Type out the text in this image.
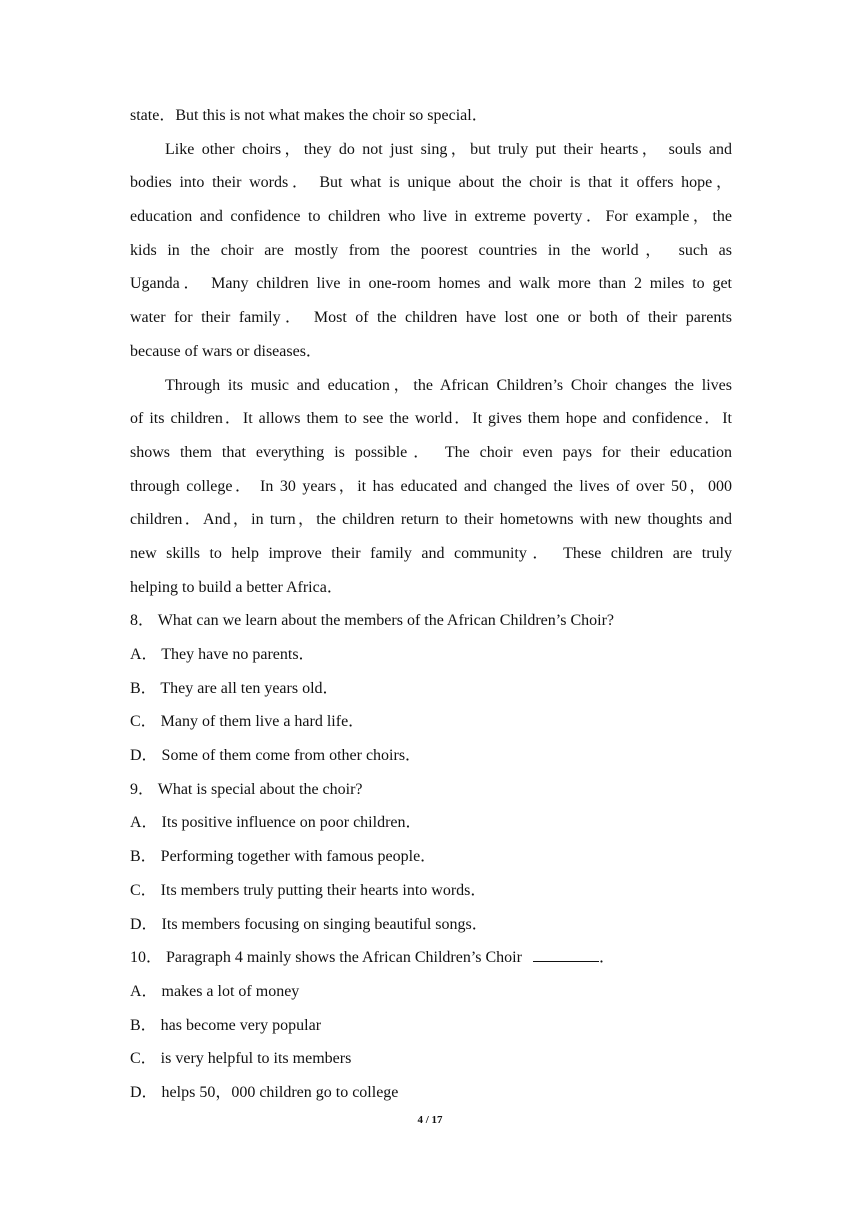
state．But this is not what makes the choir so special．
Like other choirs，they do not just sing，but truly put their hearts， souls and
bodies into their words． But what is unique about the choir is that it offers hope，
education and confidence to children who live in extreme poverty．For example，the
kids in the choir are mostly from the poorest countries in the world， such as
Uganda． Many children live in one-room homes and walk more than 2 miles to get
water for their family． Most of the children have lost one or both of their parents
because of wars or diseases．
Through its music and education，the African Children’s Choir changes the lives
of its children．It allows them to see the world．It gives them hope and confidence．It
shows them that everything is possible． The choir even pays for their education
through college． In 30 years，it has educated and changed the lives of over 50，000
children．And，in turn，the children return to their hometowns with new thoughts and
new skills to help improve their family and community． These children are truly
helping to build a better Africa．
8． What can we learn about the members of the African Children’s Choir?
A． They have no parents．
B． They are all ten years old．
C． Many of them live a hard life．
D． Some of them come from other choirs．
9． What is special about the choir?
A． Its positive influence on poor children．
B． Performing together with famous people．
C． Its members truly putting their hearts into words．
D． Its members focusing on singing beautiful songs．
10． Paragraph 4 mainly shows the African Children’s Choir	．
A． makes a lot of money
B． has become very popular
C． is very helpful to its members
D． helps 50，000 children go to college
4 / 17
